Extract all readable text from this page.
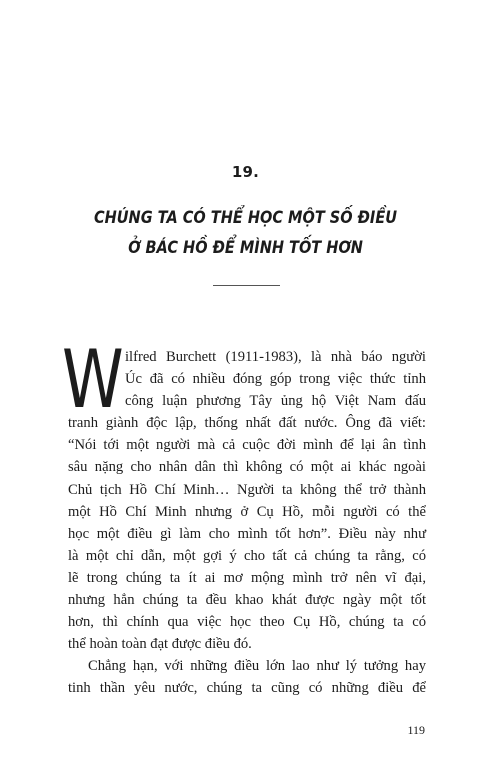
19.
CHÚNG TA CÓ THỂ HỌC MỘT SỐ ĐIỀU
Ở BÁC HỒ ĐỂ MÌNH TỐT HƠN

W ilfred Burchett (1911-1983), là nhà báo người
Úc đã có nhiều đóng góp trong việc thức tỉnh
công luận phương Tây ủng hộ Việt Nam đấu
tranh giành độc lập, thống nhất đất nước. Ông đã viết:
“Nói tới một người mà cả cuộc đời mình để lại ân tình
sâu nặng cho nhân dân thì không có một ai khác ngoài
Chủ tịch Hồ Chí Minh… Người ta không thể trở thành
một Hồ Chí Minh nhưng ở Cụ Hồ, mỗi người có thể
học một điều gì làm cho mình tốt hơn”. Điều này như
là một chỉ dẫn, một gợi ý cho tất cả chúng ta rằng, có
lẽ trong chúng ta ít ai mơ mộng mình trở nên vĩ đại,
nhưng hẳn chúng ta đều khao khát được ngày một tốt
hơn, thì chính qua việc học theo Cụ Hồ, chúng ta có
thể hoàn toàn đạt được điều đó.

Chẳng hạn, với những điều lớn lao như lý tưởng hay
tinh thần yêu nước, chúng ta cũng có những điều để

119
